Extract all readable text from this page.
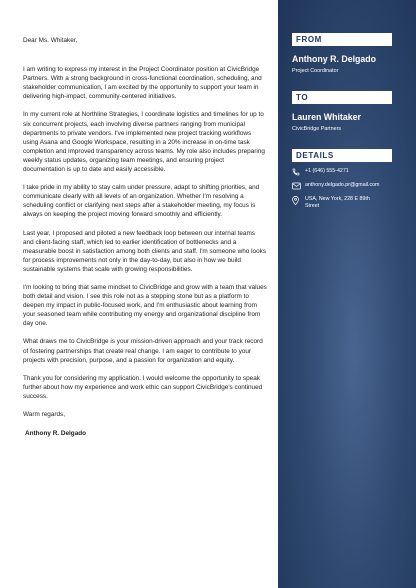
Dear Ms. Whitaker,

I am writing to express my interest in the Project Coordinator position at CivicBridge Partners. With a strong background in cross-functional coordination, scheduling, and stakeholder communication, I am excited by the opportunity to support your team in delivering high-impact, community-centered initiatives.

In my current role at Northline Strategies, I coordinate logistics and timelines for up to six concurrent projects, each involving diverse partners ranging from municipal departments to private vendors. I've implemented new project tracking workflows using Asana and Google Workspace, resulting in a 20% increase in on-time task completion and improved transparency across teams. My role also includes preparing weekly status updates, organizing team meetings, and ensuring project documentation is up to date and easily accessible.

I take pride in my ability to stay calm under pressure, adapt to shifting priorities, and communicate clearly with all levels of an organization. Whether I'm resolving a scheduling conflict or clarifying next steps after a stakeholder meeting, my focus is always on keeping the project moving forward smoothly and efficiently.

Last year, I proposed and piloted a new feedback loop between our internal teams and client-facing staff, which led to earlier identification of bottlenecks and a measurable boost in satisfaction among both clients and staff. I'm someone who looks for process improvements not only in the day-to-day, but also in how we build sustainable systems that scale with growing responsibilities.

I'm looking to bring that same mindset to CivicBridge and grow with a team that values both detail and vision. I see this role not as a stepping stone but as a platform to deepen my impact in public-focused work, and I'm enthusiastic about learning from your seasoned team while contributing my energy and organizational discipline from day one.

What draws me to CivicBridge is your mission-driven approach and your track record of fostering partnerships that create real change. I am eager to contribute to your projects with precision, purpose, and a passion for organization and equity.

Thank you for considering my application. I would welcome the opportunity to speak further about how my experience and work ethic can support CivicBridge's continued success.

Warm regards,

Anthony R. Delgado

FROM
Anthony R. Delgado
Project Coordinator
TO
Lauren Whitaker
CivicBridge Partners
DETAILS
+1 (646) 555-4271
anthony.delgado.pr@gmail.com
USA, New York, 228 E 89th
Street
